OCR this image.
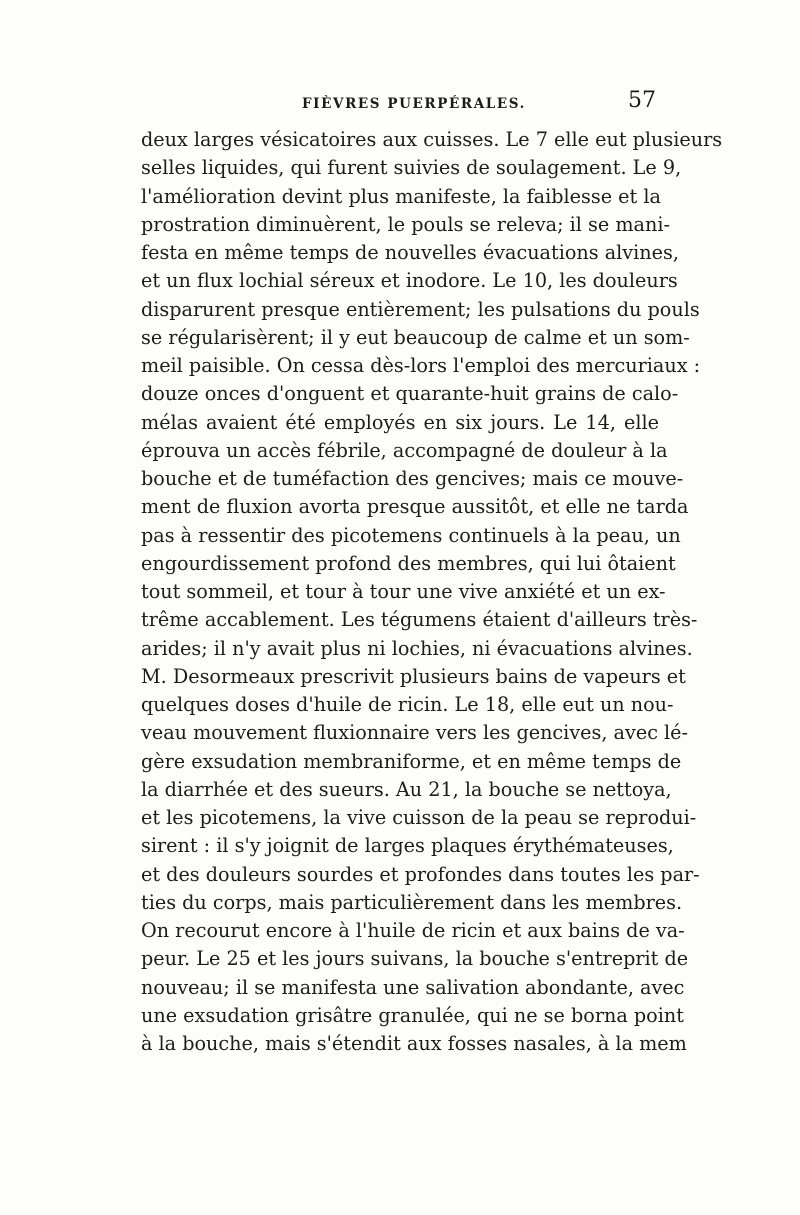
FIÈVRES PUERPÉRALES.	57
deux larges vésicatoires aux cuisses. Le 7 elle eut plusieurs
selles liquides, qui furent suivies de soulagement. Le 9,
l'amélioration devint plus manifeste, la faiblesse et la
prostration diminuèrent, le pouls se releva; il se mani-
festa en même temps de nouvelles évacuations alvines,
et un flux lochial séreux et inodore. Le 10, les douleurs
disparurent presque entièrement; les pulsations du pouls
se régularisèrent; il y eut beaucoup de calme et un som-
meil paisible. On cessa dès-lors l'emploi des mercuriaux :
douze onces d'onguent et quarante-huit grains de calo-
mélas avaient été employés en six jours. Le 14, elle
éprouva un accès fébrile, accompagné de douleur à la
bouche et de tuméfaction des gencives; mais ce mouve-
ment de fluxion avorta presque aussitôt, et elle ne tarda
pas à ressentir des picotemens continuels à la peau, un
engourdissement profond des membres, qui lui ôtaient
tout sommeil, et tour à tour une vive anxiété et un ex-
trême accablement. Les tégumens étaient d'ailleurs très-
arides; il n'y avait plus ni lochies, ni évacuations alvines.
M. Desormeaux prescrivit plusieurs bains de vapeurs et
quelques doses d'huile de ricin. Le 18, elle eut un nou-
veau mouvement fluxionnaire vers les gencives, avec lé-
gère exsudation membraniforme, et en même temps de
la diarrhée et des sueurs. Au 21, la bouche se nettoya,
et les picotemens, la vive cuisson de la peau se reprodui-
sirent : il s'y joignit de larges plaques érythémateuses,
et des douleurs sourdes et profondes dans toutes les par-
ties du corps, mais particulièrement dans les membres.
On recourut encore à l'huile de ricin et aux bains de va-
peur. Le 25 et les jours suivans, la bouche s'entreprit de
nouveau; il se manifesta une salivation abondante, avec
une exsudation grisâtre granulée, qui ne se borna point
à la bouche, mais s'étendit aux fosses nasales, à la mem
